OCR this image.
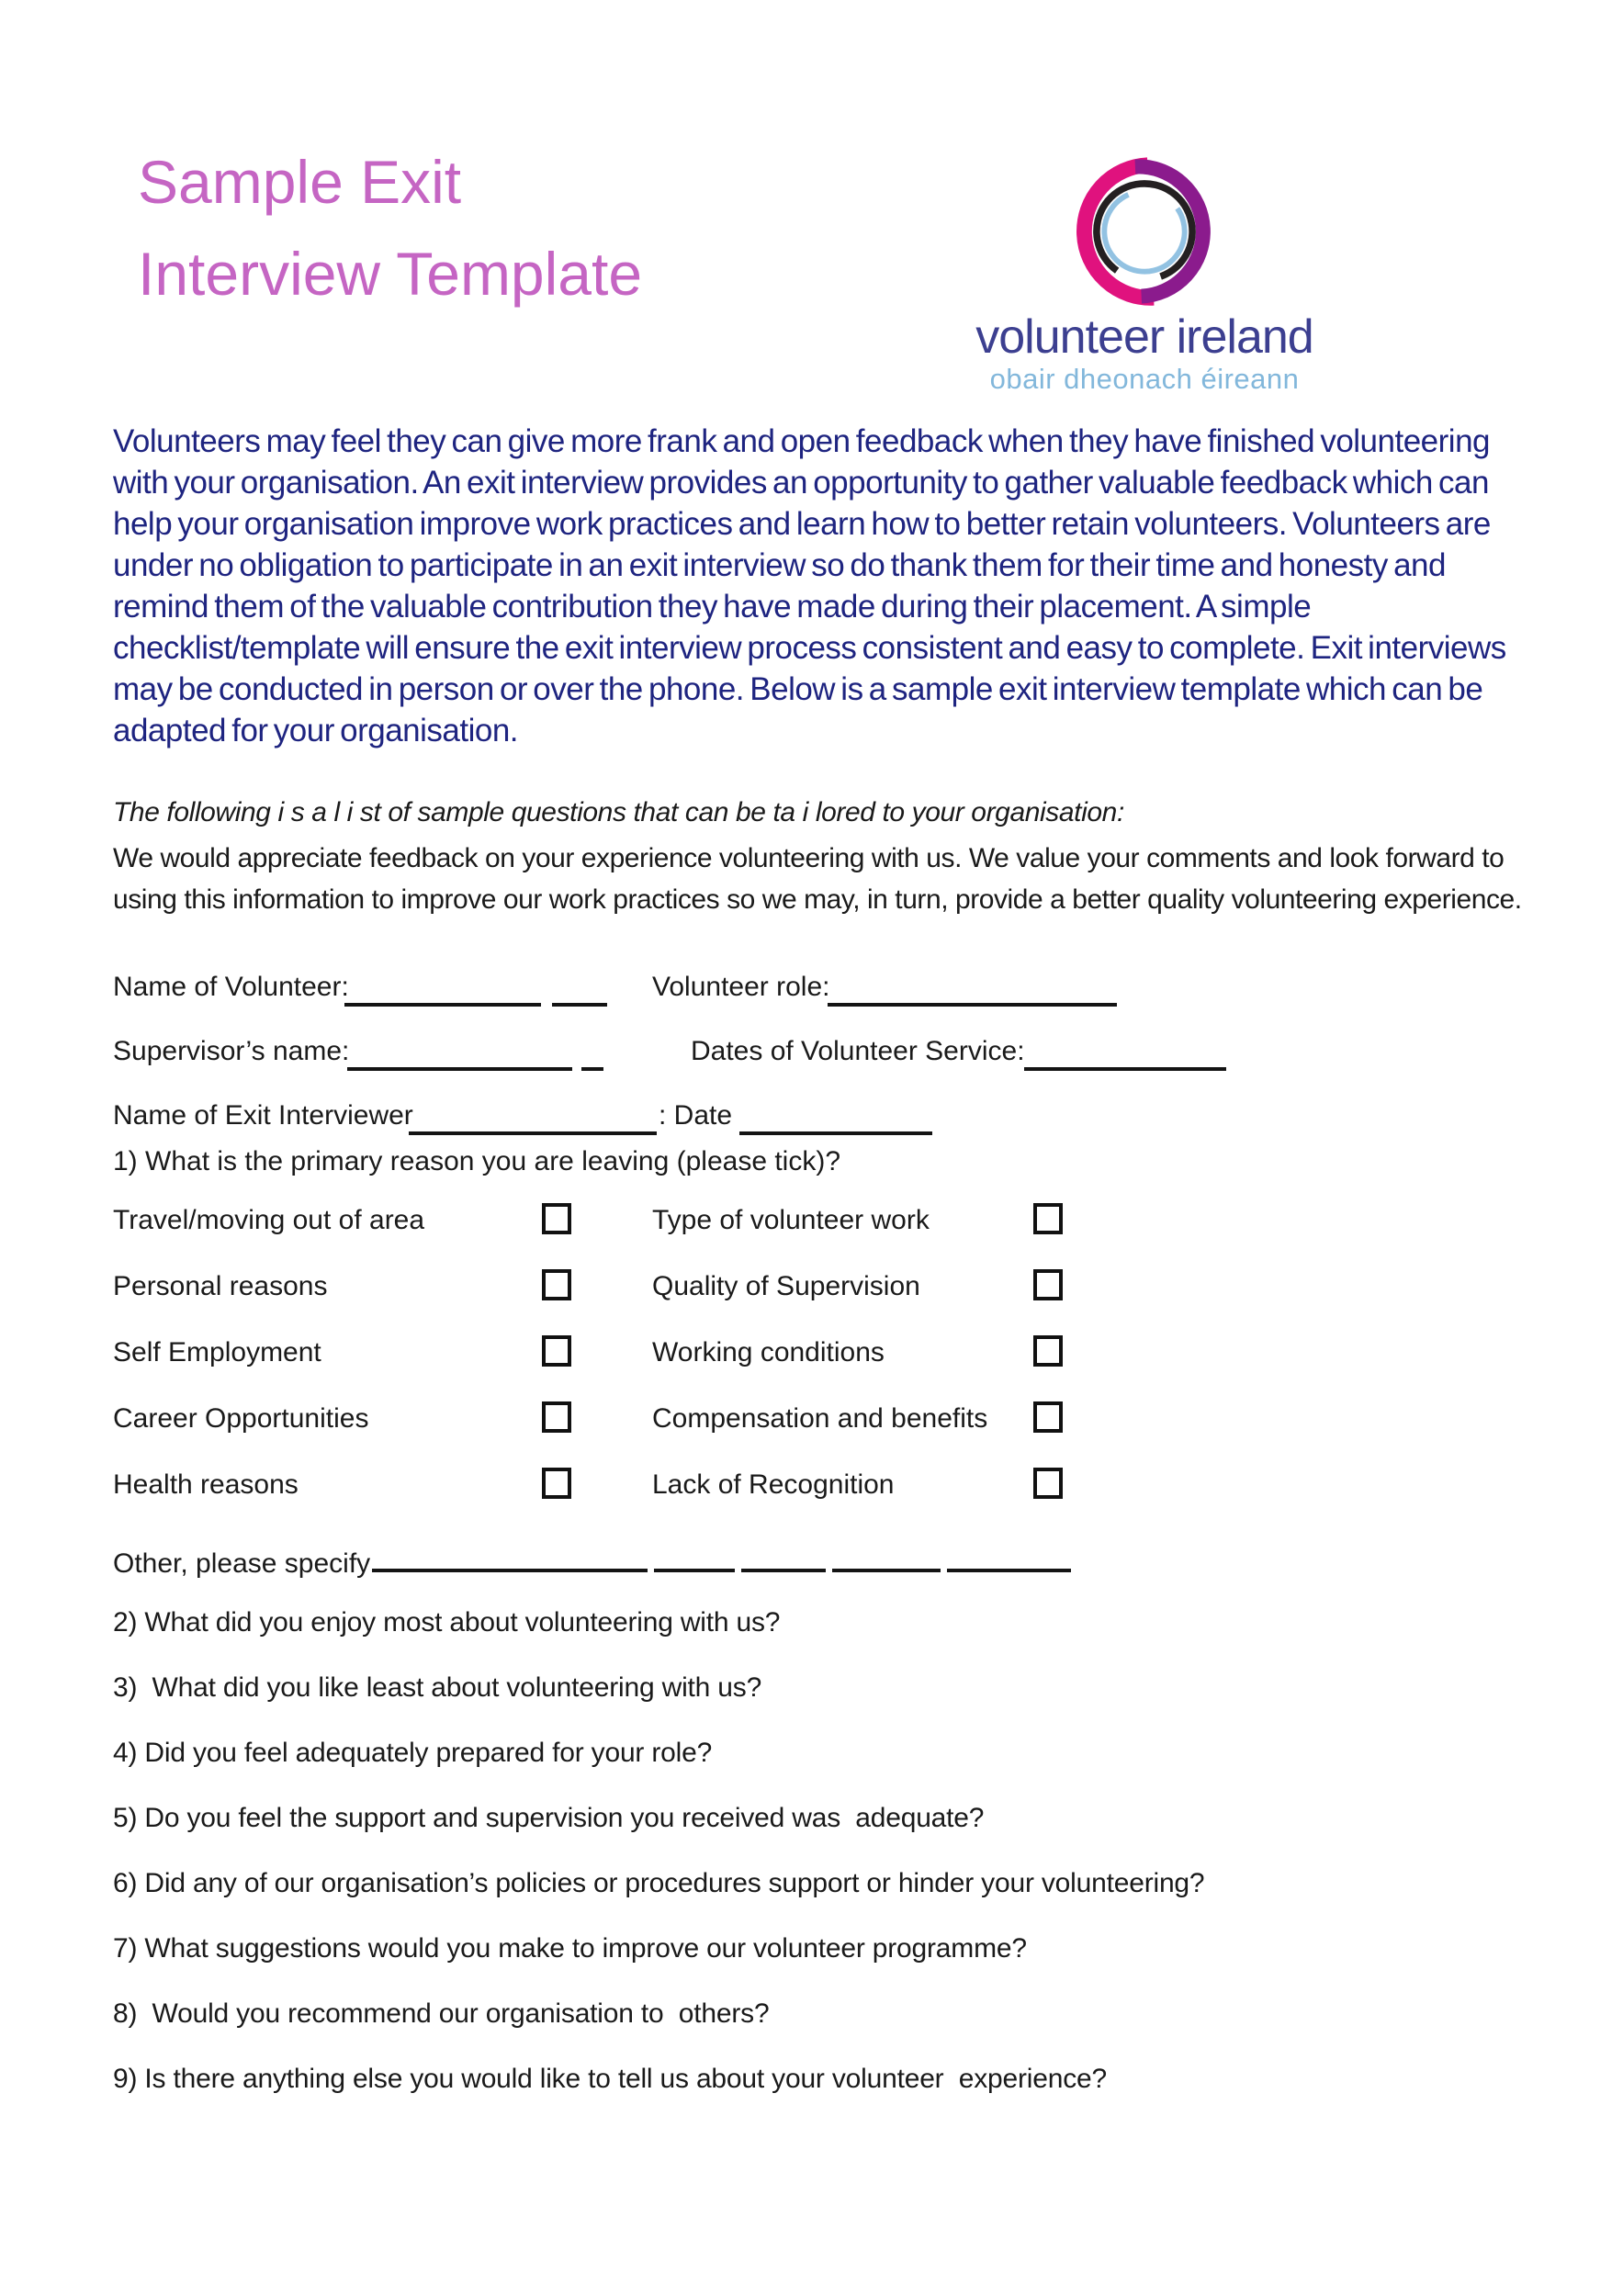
Sample Exit
Interview Template
volunteer ireland
obair dheonach éireann
Volunteers may feel they can give more frank and open feedback when they have finished volunteering with your organisation. An exit interview provides an opportunity to gather valuable feedback which can help your organisation improve work practices and learn how to better retain volunteers. Volunteers are under no obligation to participate in an exit interview so do thank them for their time and honesty and remind them of the valuable contribution they have made during their placement. A simple checklist/template will ensure the exit interview process consistent and easy to complete. Exit interviews may be conducted in person or over the phone. Below is a sample exit interview template which can be adapted for your organisation.
The following i s a l i st of sample questions that can be ta i lored to your organisation:
We would appreciate feedback on your experience volunteering with us. We value your comments and look forward to using this information to improve our work practices so we may, in turn, provide a better quality volunteering experience.
Name of Volunteer:	Volunteer role:
Supervisor’s name:	Dates of Volunteer Service:
Name of Exit Interviewer	: Date
1) What is the primary reason you are leaving (please tick)?
Travel/moving out of area	Type of volunteer work
Personal reasons	Quality of Supervision
Self Employment	Working conditions
Career Opportunities	Compensation and benefits
Health reasons	Lack of Recognition
Other, please specify
2) What did you enjoy most about volunteering with us?
3)  What did you like least about volunteering with us?
4) Did you feel adequately prepared for your role?
5) Do you feel the support and supervision you received was  adequate?
6) Did any of our organisation’s policies or procedures support or hinder your volunteering?
7) What suggestions would you make to improve our volunteer programme?
8)  Would you recommend our organisation to  others?
9) Is there anything else you would like to tell us about your volunteer  experience?
